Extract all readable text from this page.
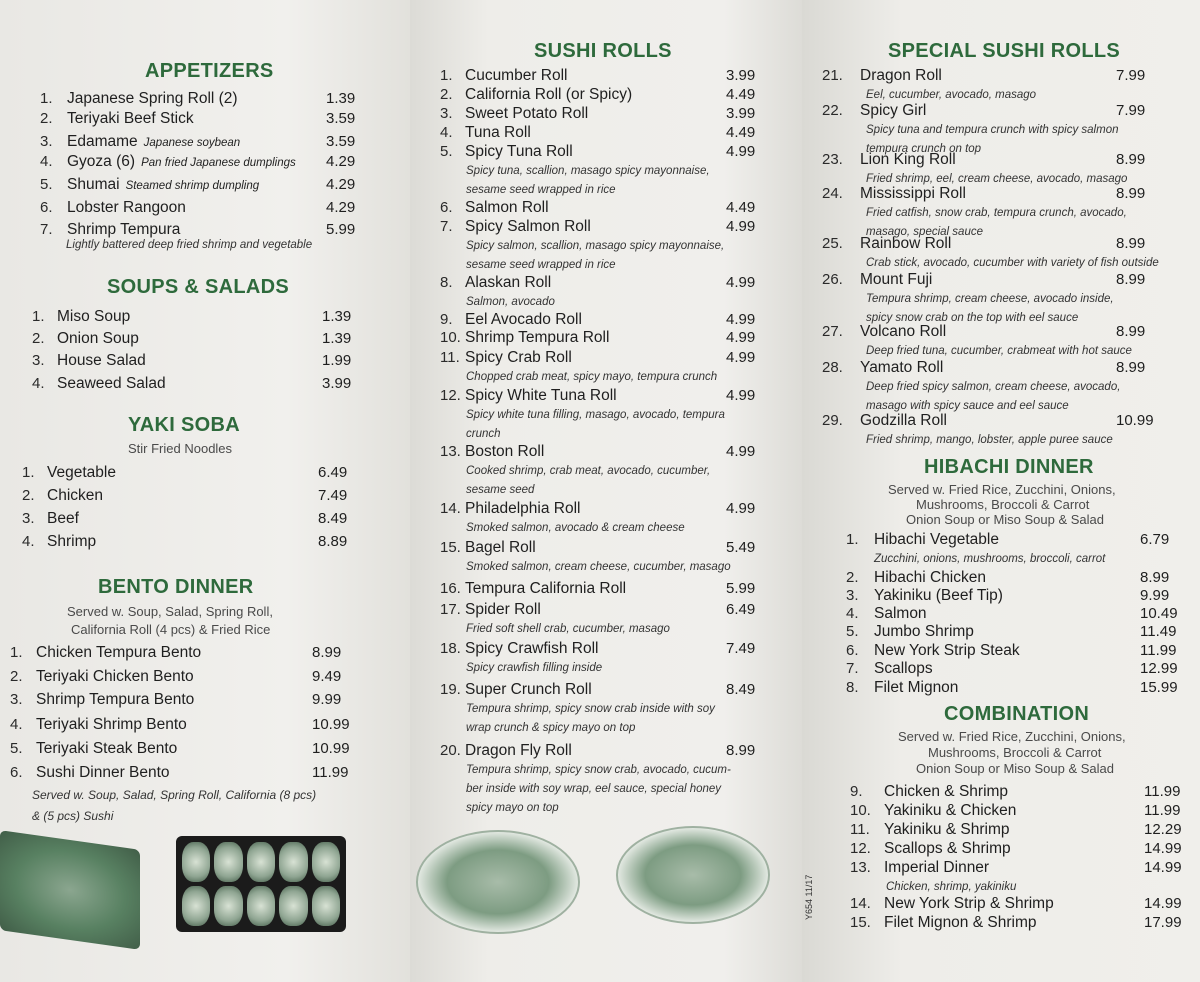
APPETIZERS
SOUPS & SALADS
YAKI SOBA
Stir Fried Noodles
BENTO DINNER
Served w. Soup, Salad, Spring Roll,
California Roll (4 pcs) & Fried Rice
Served w. Soup, Salad, Spring Roll, California (8 pcs)
& (5 pcs) Sushi
1. Japanese Spring Roll (2)	1.39
2. Teriyaki Beef Stick	3.59
3. Edamame Japanese soybean	3.59
4. Gyoza (6) Pan fried Japanese dumplings 4.29
5. Shumai Steamed shrimp dumpling	4.29
6. Lobster Rangoon	4.29
7. Shrimp Tempura	5.99
Lightly battered deep fried shrimp and vegetable
1. Miso Soup	1.39
2. Onion Soup	1.39
3. House Salad	1.99
4. Seaweed Salad	3.99
1. Vegetable	6.49
2. Chicken	7.49
3. Beef	8.49
4. Shrimp	8.89
1. Chicken Tempura Bento	8.99
2. Teriyaki Chicken Bento	9.49
3. Shrimp Tempura Bento	9.99
4. Teriyaki Shrimp Bento	10.99
5. Teriyaki Steak Bento	10.99
6. Sushi Dinner Bento	11.99
SUSHI ROLLS
1. Cucumber Roll	3.99
2. California Roll (or Spicy)	4.49
3. Sweet Potato Roll	3.99
4. Tuna Roll	4.49
5. Spicy Tuna Roll	4.99
Spicy tuna, scallion, masago spicy mayonnaise,
sesame seed wrapped in rice
6. Salmon Roll	4.49
7. Spicy Salmon Roll	4.99
Spicy salmon, scallion, masago spicy mayonnaise,
sesame seed wrapped in rice
8. Alaskan Roll	4.99
Salmon, avocado
9. Eel Avocado Roll	4.99
10. Shrimp Tempura Roll	4.99
11. Spicy Crab Roll	4.99
Chopped crab meat, spicy mayo, tempura crunch
12. Spicy White Tuna Roll	4.99
Spicy white tuna filling, masago, avocado, tempura
crunch
13. Boston Roll	4.99
Cooked shrimp, crab meat, avocado, cucumber,
sesame seed
14. Philadelphia Roll	4.99
Smoked salmon, avocado & cream cheese
15. Bagel Roll	5.49
Smoked salmon, cream cheese, cucumber, masago
16. Tempura California Roll	5.99
17. Spider Roll	6.49
Fried soft shell crab, cucumber, masago
18. Spicy Crawfish Roll	7.49
Spicy crawfish filling inside
19. Super Crunch Roll	8.49
Tempura shrimp, spicy snow crab inside with soy
wrap crunch & spicy mayo on top
20. Dragon Fly Roll	8.99
Tempura shrimp, spicy snow crab, avocado, cucum-
ber inside with soy wrap, eel sauce, special honey
spicy mayo on top
SPECIAL SUSHI ROLLS
HIBACHI DINNER
Served w. Fried Rice, Zucchini, Onions,
Mushrooms, Broccoli & Carrot
Onion Soup or Miso Soup & Salad
COMBINATION
Served w. Fried Rice, Zucchini, Onions,
Mushrooms, Broccoli & Carrot
Onion Soup or Miso Soup & Salad
Y654 11/17
21. Dragon Roll	7.99
Eel, cucumber, avocado, masago
22. Spicy Girl	7.99
Spicy tuna and tempura crunch with spicy salmon
tempura crunch on top
23. Lion King Roll	8.99
Fried shrimp, eel, cream cheese, avocado, masago
24. Mississippi Roll	8.99
Fried catfish, snow crab, tempura crunch, avocado,
masago, special sauce
25. Rainbow Roll	8.99
Crab stick, avocado, cucumber with variety of fish outside
26. Mount Fuji	8.99
Tempura shrimp, cream cheese, avocado inside,
spicy snow crab on the top with eel sauce
27. Volcano Roll	8.99
Deep fried tuna, cucumber, crabmeat with hot sauce
28. Yamato Roll	8.99
Deep fried spicy salmon, cream cheese, avocado,
masago with spicy sauce and eel sauce
29. Godzilla Roll	10.99
Fried shrimp, mango, lobster, apple puree sauce
1. Hibachi Vegetable	6.79
Zucchini, onions, mushrooms, broccoli, carrot
2. Hibachi Chicken	8.99
3. Yakiniku (Beef Tip)	9.99
4. Salmon	10.49
5. Jumbo Shrimp	11.49
6. New York Strip Steak	11.99
7. Scallops	12.99
8. Filet Mignon	15.99
9. Chicken & Shrimp	11.99
10. Yakiniku & Chicken	11.99
11. Yakiniku & Shrimp	12.29
12. Scallops & Shrimp	14.99
13. Imperial Dinner	14.99
Chicken, shrimp, yakiniku
14. New York Strip & Shrimp	14.99
15. Filet Mignon & Shrimp	17.99
